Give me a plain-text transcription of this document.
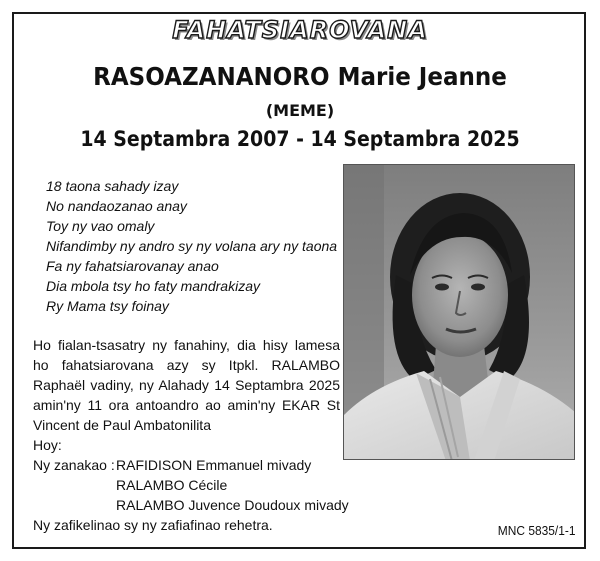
FAHATSIAROVANA
RASOAZANANORO Marie Jeanne
(MEME)
14 Septambra 2007 - 14 Septambra 2025
18 taona sahady izay
No nandaozanao anay
Toy ny vao omaly
Nifandimby ny andro sy ny volana ary ny taona
Fa ny fahatsiarovanay anao
Dia mbola tsy ho faty mandrakizay
Ry Mama tsy foinay
Ho fialan-tsasatry ny fanahiny, dia hisy lamesa ho fahatsiarovana azy sy Itpkl. RALAMBO Raphaël vadiny, ny Alahady 14 Septambra 2025 amin'ny 11 ora antoandro ao amin'ny EKAR St Vincent de Paul Ambatonilita
Hoy:
Ny zanakao : RAFIDISON Emmanuel mivady
RALAMBO Cécile
RALAMBO Juvence Doudoux mivady
Ny zafikelinao sy ny zafiafinao rehetra.	MNC 5835/1-1
